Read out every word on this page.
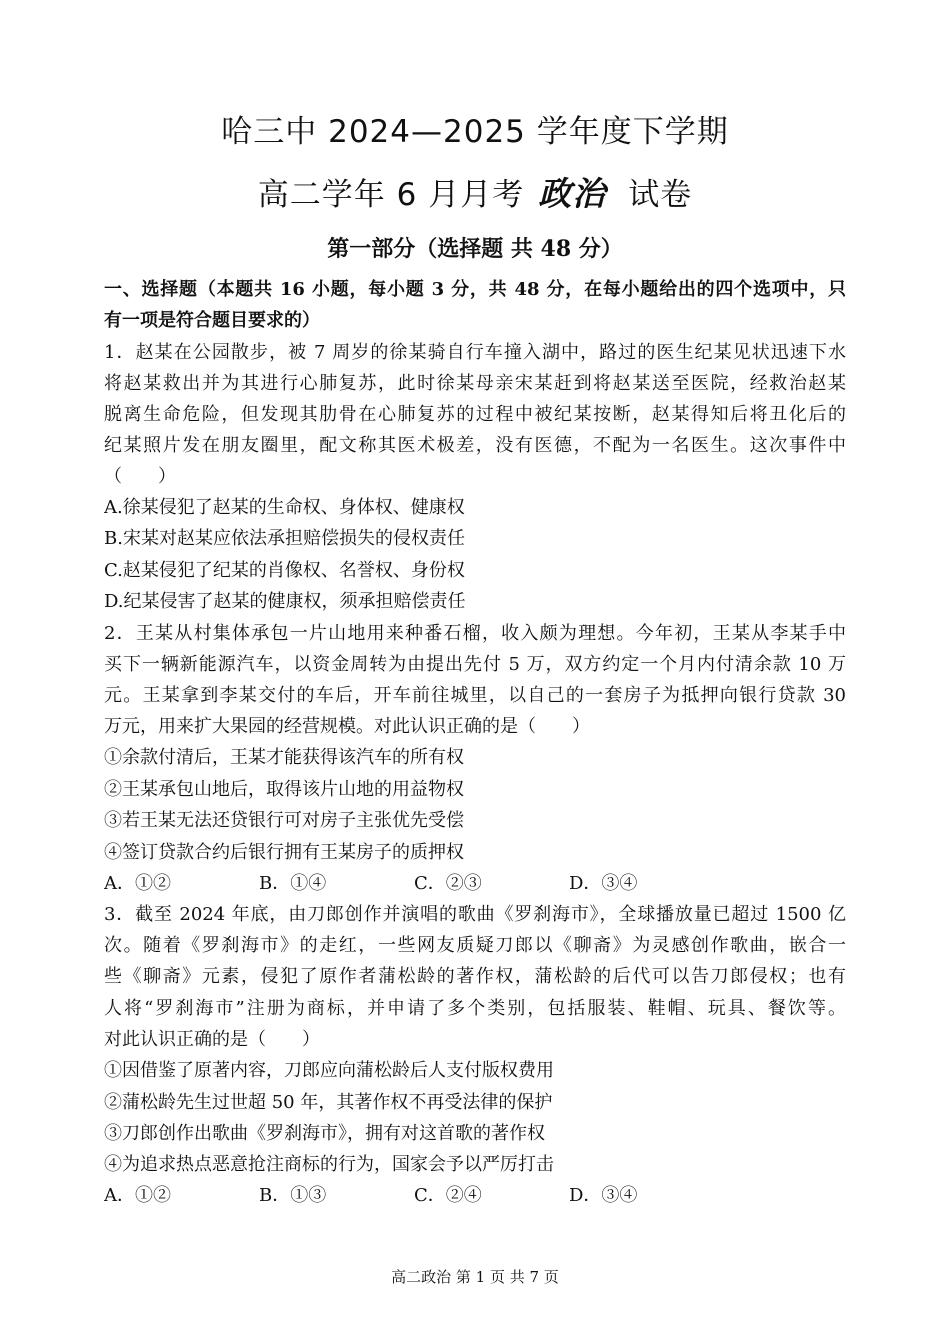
哈三中 2024—2025 学年度下学期
高二学年 6 月月考 政治 试卷
第一部分（选择题 共 48 分）
一、选择题（本题共 16 小题，每小题 3 分，共 48 分，在每小题给出的四个选项中，只
有一项是符合题目要求的）
1．赵某在公园散步，被 7 周岁的徐某骑自行车撞入湖中，路过的医生纪某见状迅速下水
将赵某救出并为其进行心肺复苏，此时徐某母亲宋某赶到将赵某送至医院，经救治赵某
脱离生命危险，但发现其肋骨在心肺复苏的过程中被纪某按断，赵某得知后将丑化后的
纪某照片发在朋友圈里，配文称其医术极差，没有医德，不配为一名医生。这次事件中
（　　）
A.徐某侵犯了赵某的生命权、身体权、健康权
B.宋某对赵某应依法承担赔偿损失的侵权责任
C.赵某侵犯了纪某的肖像权、名誉权、身份权
D.纪某侵害了赵某的健康权，须承担赔偿责任
2．王某从村集体承包一片山地用来种番石榴，收入颇为理想。今年初，王某从李某手中
买下一辆新能源汽车，以资金周转为由提出先付 5 万，双方约定一个月内付清余款 10 万
元。王某拿到李某交付的车后，开车前往城里，以自己的一套房子为抵押向银行贷款 30
万元，用来扩大果园的经营规模。对此认识正确的是（　　）
①余款付清后，王某才能获得该汽车的所有权
②王某承包山地后，取得该片山地的用益物权
③若王某无法还贷银行可对房子主张优先受偿
④签订贷款合约后银行拥有王某房子的质押权
A．①②	B．①④	C．②③	D．③④
3．截至 2024 年底，由刀郎创作并演唱的歌曲《罗刹海市》，全球播放量已超过 1500 亿
次。随着《罗刹海市》的走红，一些网友质疑刀郎以《聊斋》为灵感创作歌曲，嵌合一
些《聊斋》元素，侵犯了原作者蒲松龄的著作权，蒲松龄的后代可以告刀郎侵权；也有
人将“罗刹海市”注册为商标，并申请了多个类别，包括服装、鞋帽、玩具、餐饮等。
对此认识正确的是（　　）
①因借鉴了原著内容，刀郎应向蒲松龄后人支付版权费用
②蒲松龄先生过世超 50 年，其著作权不再受法律的保护
③刀郎创作出歌曲《罗刹海市》，拥有对这首歌的著作权
④为追求热点恶意抢注商标的行为，国家会予以严厉打击
A．①②	B．①③	C．②④	D．③④
高二政治 第 1 页 共 7 页
